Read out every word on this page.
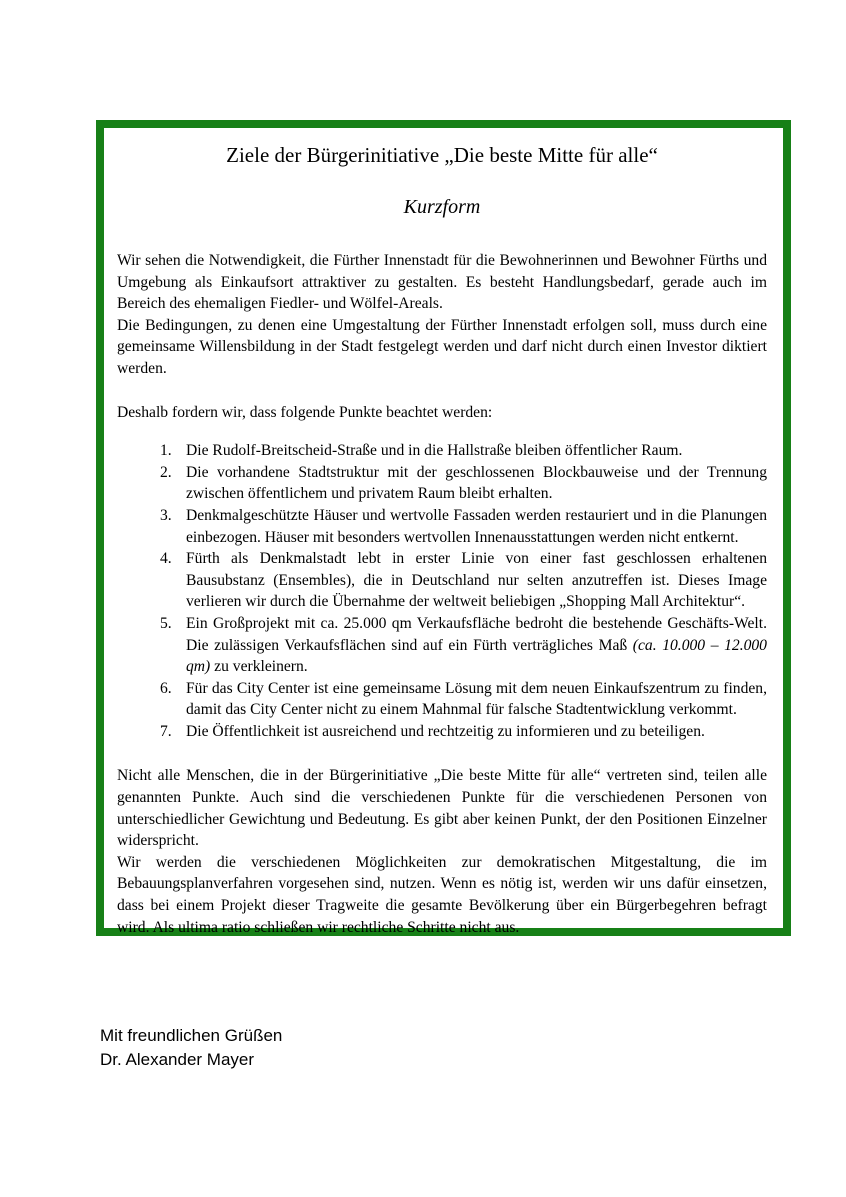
Ziele der Bürgerinitiative „Die beste Mitte für alle“
Kurzform

Wir sehen die Notwendigkeit, die Fürther Innenstadt für die Bewohnerinnen und Bewohner Fürths und Umgebung als Einkaufsort attraktiver zu gestalten. Es besteht Handlungsbedarf, gerade auch im Bereich des ehemaligen Fiedler- und Wölfel-Areals.

Die Bedingungen, zu denen eine Umgestaltung der Fürther Innenstadt erfolgen soll, muss durch eine gemeinsame Willensbildung in der Stadt festgelegt werden und darf nicht durch einen Investor diktiert werden.

Deshalb fordern wir, dass folgende Punkte beachtet werden:

1. Die Rudolf-Breitscheid-Straße und in die Hallstraße bleiben öffentlicher Raum.
2. Die vorhandene Stadtstruktur mit der geschlossenen Blockbauweise und der Trennung zwischen öffentlichem und privatem Raum bleibt erhalten.
3. Denkmalgeschützte Häuser und wertvolle Fassaden werden restauriert und in die Planungen einbezogen. Häuser mit besonders wertvollen Innenausstattungen werden nicht entkernt.
4. Fürth als Denkmalstadt lebt in erster Linie von einer fast geschlossen erhaltenen Bausubstanz (Ensembles), die in Deutschland nur selten anzutreffen ist. Dieses Image verlieren wir durch die Übernahme der weltweit beliebigen „Shopping Mall Architektur“.
5. Ein Großprojekt mit ca. 25.000 qm Verkaufsfläche bedroht die bestehende Geschäfts-Welt. Die zulässigen Verkaufsflächen sind auf ein Fürth verträgliches Maß (ca. 10.000 – 12.000 qm) zu verkleinern.
6. Für das City Center ist eine gemeinsame Lösung mit dem neuen Einkaufszentrum zu finden, damit das City Center nicht zu einem Mahnmal für falsche Stadtentwicklung verkommt.
7. Die Öffentlichkeit ist ausreichend und rechtzeitig zu informieren und zu beteiligen.

Nicht alle Menschen, die in der Bürgerinitiative „Die beste Mitte für alle“ vertreten sind, teilen alle genannten Punkte. Auch sind die verschiedenen Punkte für die verschiedenen Personen von unterschiedlicher Gewichtung und Bedeutung. Es gibt aber keinen Punkt, der den Positionen Einzelner widerspricht.

Wir werden die verschiedenen Möglichkeiten zur demokratischen Mitgestaltung, die im Bebauungsplanverfahren vorgesehen sind, nutzen. Wenn es nötig ist, werden wir uns dafür einsetzen, dass bei einem Projekt dieser Tragweite die gesamte Bevölkerung über ein Bürgerbegehren befragt wird. Als ultima ratio schließen wir rechtliche Schritte nicht aus.

Mit freundlichen Grüßen

Dr. Alexander Mayer
